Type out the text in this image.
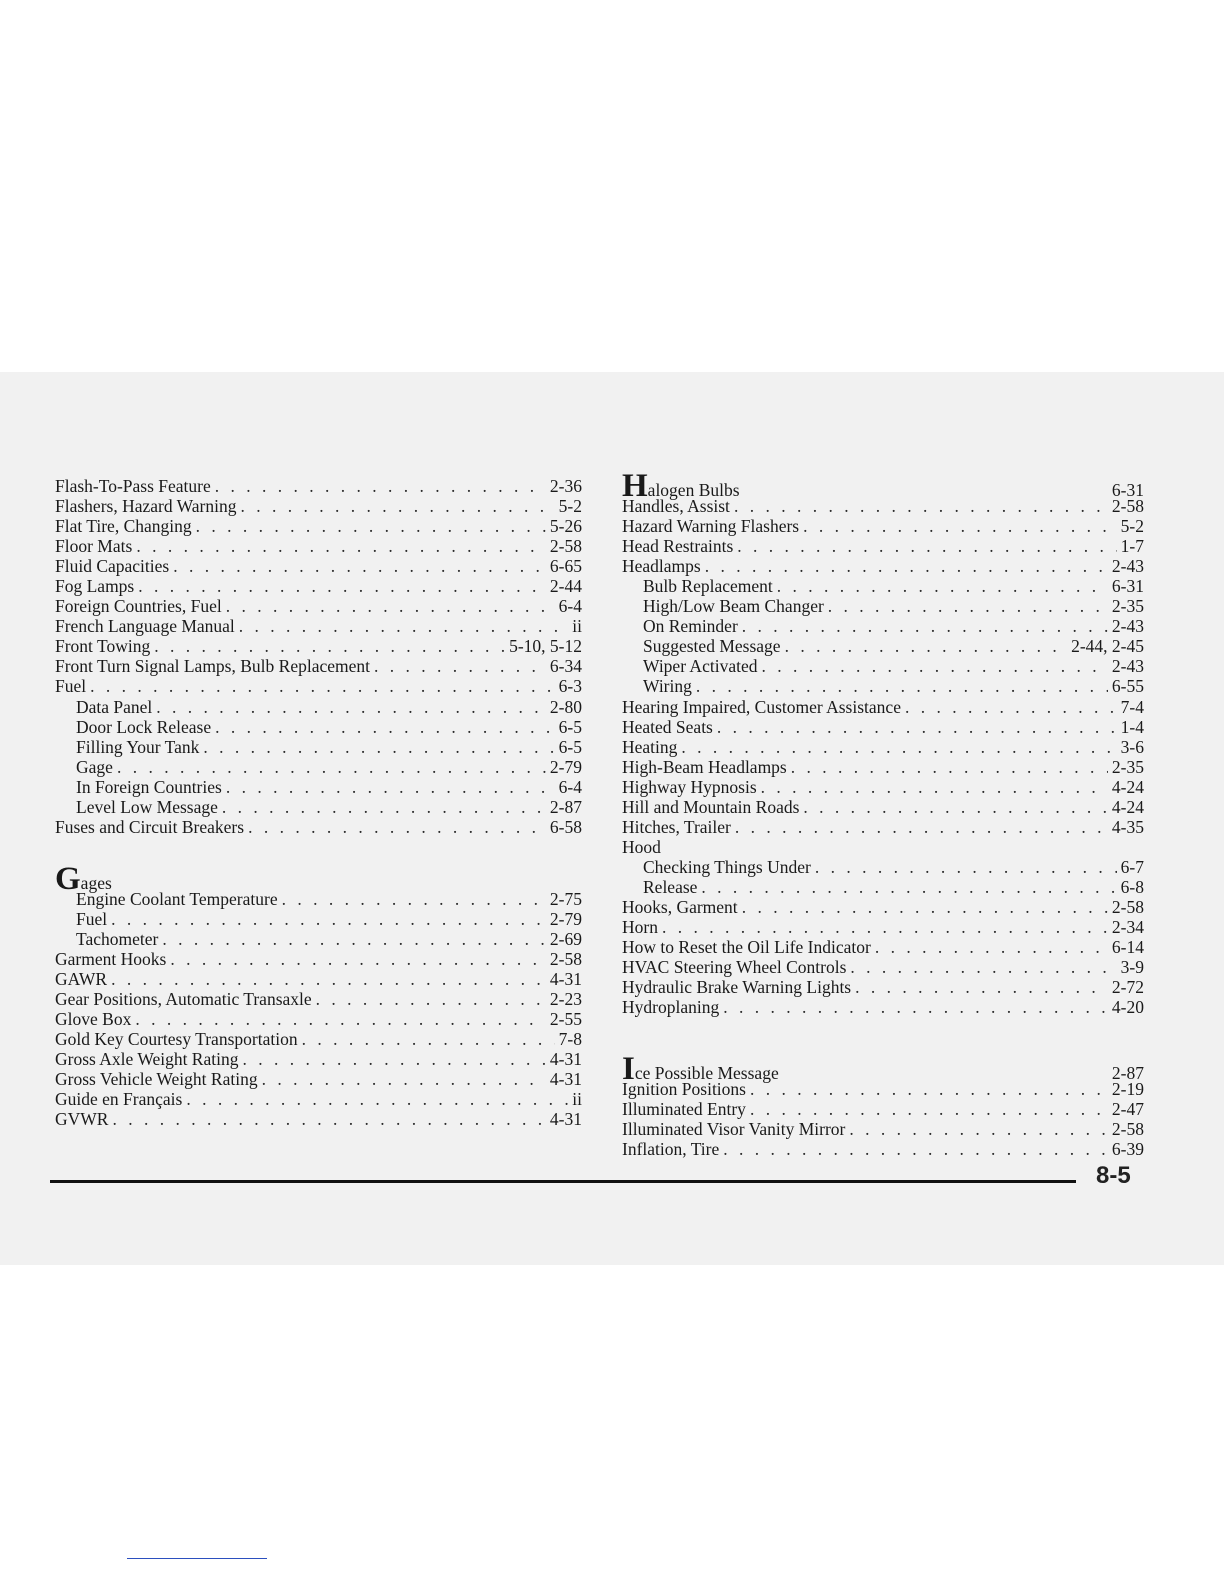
Flash-To-Pass Feature . . .	2-36
Flashers, Hazard Warning . . .	5-2
Flat Tire, Changing . . .	5-26
Floor Mats . . .	2-58
Fluid Capacities . . .	6-65
Fog Lamps . . .	2-44
Foreign Countries, Fuel . . .	6-4
French Language Manual . . .	ii
Front Towing . . .	5-10, 5-12
Front Turn Signal Lamps, Bulb Replacement . . .	6-34
Fuel . . .	6-3
Data Panel . . .	2-80
Door Lock Release . . .	6-5
Filling Your Tank . . .	6-5
Gage . . .	2-79
In Foreign Countries . . .	6-4
Level Low Message . . .	2-87
Fuses and Circuit Breakers . . .	6-58
G ages
Engine Coolant Temperature . . .	2-75
Fuel . . .	2-79
Tachometer . . .	2-69
Garment Hooks . . .	2-58
GAWR . . .	4-31
Gear Positions, Automatic Transaxle . . .	2-23
Glove Box . . .	2-55
Gold Key Courtesy Transportation . . .	7-8
Gross Axle Weight Rating . . .	4-31
Gross Vehicle Weight Rating . . .	4-31
Guide en Français . . .	ii
GVWR . . .	4-31
H alogen Bulbs	6-31
Handles, Assist . . .	2-58
Hazard Warning Flashers . . .	5-2
Head Restraints . . .	1-7
Headlamps . . .	2-43
Bulb Replacement . . .	6-31
High/Low Beam Changer . . .	2-35
On Reminder . . .	2-43
Suggested Message . . .	2-44, 2-45
Wiper Activated . . .	2-43
Wiring . . .	6-55
Hearing Impaired, Customer Assistance . . .	7-4
Heated Seats . . .	1-4
Heating . . .	3-6
High-Beam Headlamps . . .	2-35
Highway Hypnosis . . .	4-24
Hill and Mountain Roads . . .	4-24
Hitches, Trailer . . .	4-35
Hood
Checking Things Under . . .	6-7
Release . . .	6-8
Hooks, Garment . . .	2-58
Horn . . .	2-34
How to Reset the Oil Life Indicator . . .	6-14
HVAC Steering Wheel Controls . . .	3-9
Hydraulic Brake Warning Lights . . .	2-72
Hydroplaning . . .	4-20
I ce Possible Message	2-87
Ignition Positions . . .	2-19
Illuminated Entry . . .	2-47
Illuminated Visor Vanity Mirror . . .	2-58
Inflation, Tire . . .	6-39
8-5
